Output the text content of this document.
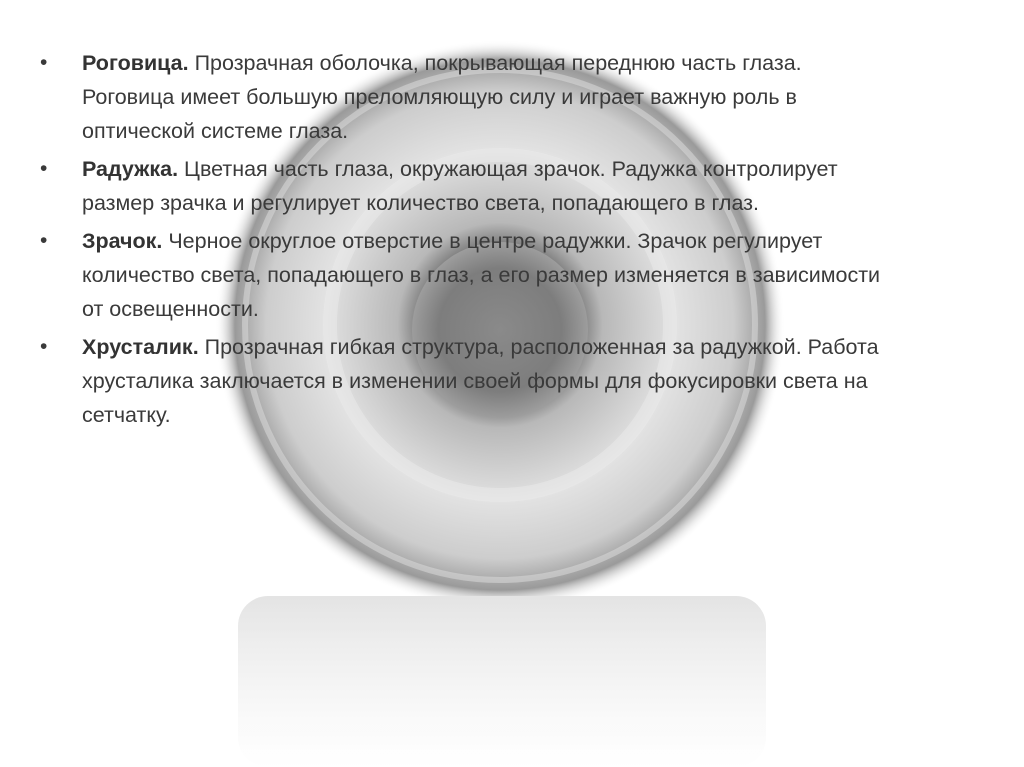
• Роговица. Прозрачная оболочка, покрывающая переднюю часть глаза. Роговица имеет большую преломляющую силу и играет важную роль в оптической системе глаза.
• Радужка. Цветная часть глаза, окружающая зрачок. Радужка контролирует размер зрачка и регулирует количество света, попадающего в глаз.
• Зрачок. Черное округлое отверстие в центре радужки. Зрачок регулирует количество света, попадающего в глаз, а его размер изменяется в зависимости от освещенности.
• Хрусталик. Прозрачная гибкая структура, расположенная за радужкой. Работа хрусталика заключается в изменении своей формы для фокусировки света на сетчатку.
